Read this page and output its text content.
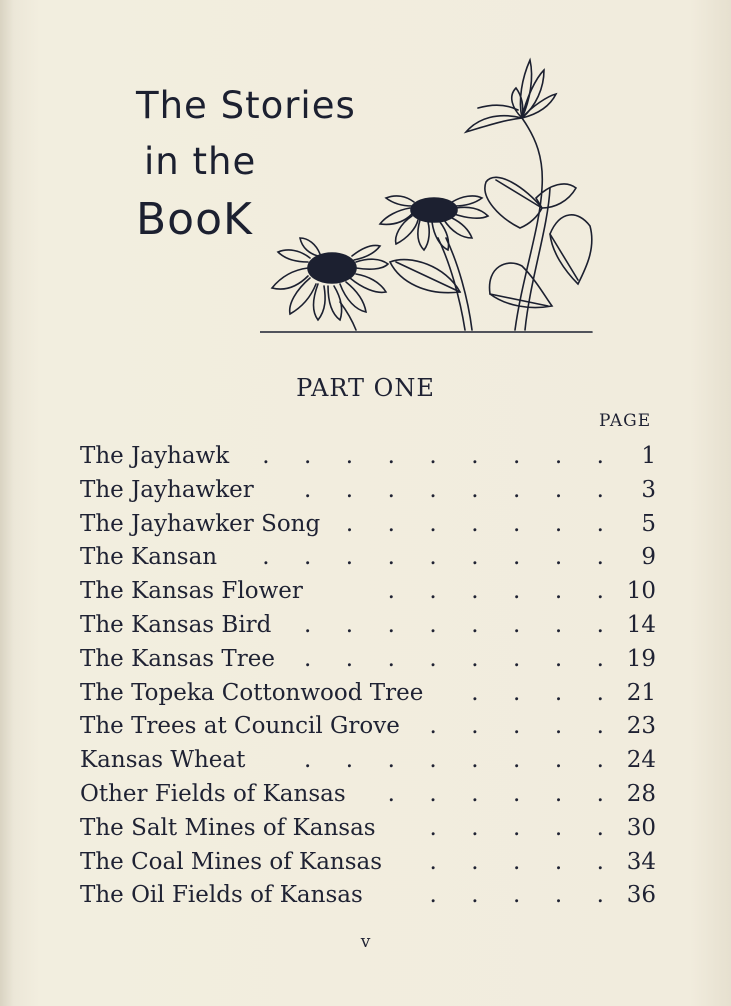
The Stories
in the
BooK
PART ONE
PAGE
The Jayhawk  .  .  .  .  .  .  .  .  .	1
The Jayhawker .  .  .  .  .  .  .  .	3
The Jayhawker Song  .  .  .  .  .  .  .	5
The Kansan .  .  .  .  .  .  .  .  .	9
The Kansas Flower	.  .  .  .  .  . 10
The Kansas Bird .  .  .  .  .  .  .  . 14
The Kansas Tree .  .  .  .  .  .  .  . 19
The Topeka Cottonwood Tree .  .  .  . 21
The Trees at Council Grove .  .  .  .  . 23
Kansas Wheat	.  .  .  .  .  .  .  . 24
Other Fields of Kansas .  .  .  .  .  . 28
The Salt Mines of Kansas .  .  .  .  . 30
The Coal Mines of Kansas .  .  .  .  . 34
The Oil Fields of Kansas	.  .  .  .  . 36
v
